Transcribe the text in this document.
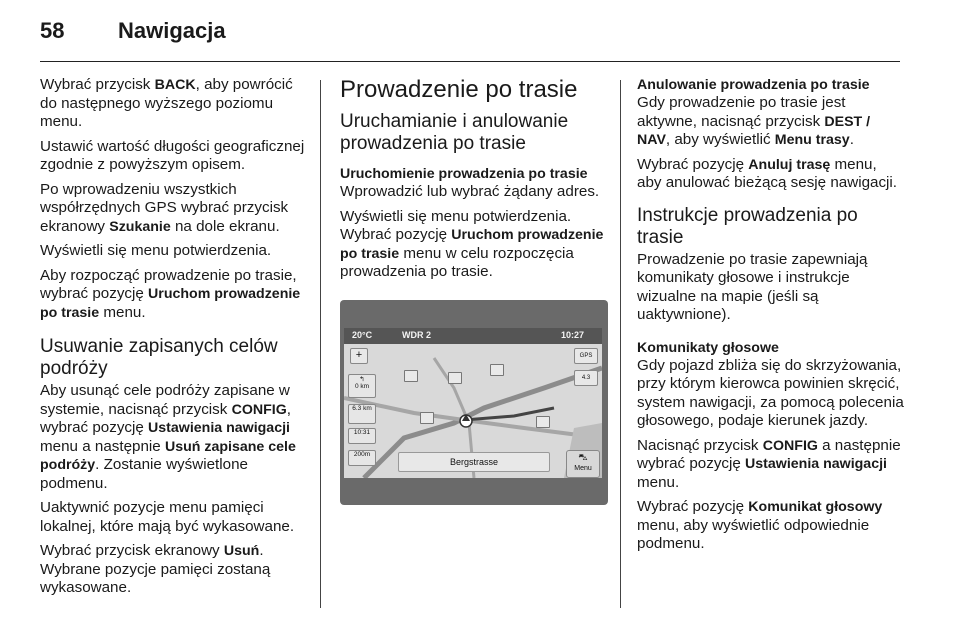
58 Nawigacja

Wybrać przycisk BACK, aby powrócić do następnego wyższego poziomu menu.

Ustawić wartość długości geograficznej zgodnie z powyższym opisem.

Po wprowadzeniu wszystkich współrzędnych GPS wybrać przycisk ekranowy Szukanie na dole ekranu.

Wyświetli się menu potwierdzenia.

Aby rozpocząć prowadzenie po trasie, wybrać pozycję Uruchom prowadzenie po trasie menu.

Usuwanie zapisanych celów podróży

Aby usunąć cele podróży zapisane w systemie, nacisnąć przycisk CONFIG, wybrać pozycję Ustawienia nawigacji menu a następnie Usuń zapisane cele podróży. Zostanie wyświetlone podmenu.

Uaktywnić pozycje menu pamięci lokalnej, które mają być wykasowane.

Wybrać przycisk ekranowy Usuń. Wybrane pozycje pamięci zostaną wykasowane.

Prowadzenie po trasie
Uruchamianie i anulowanie prowadzenia po trasie
Uruchomienie prowadzenia po trasie

Wprowadzić lub wybrać żądany adres.

Wyświetli się menu potwierdzenia. Wybrać pozycję Uruchom prowadzenie po trasie menu w celu rozpoczęcia prowadzenia po trasie.

20°C	WDR 2	10:27
+	GPS
4.3
↰
0 km
6.3 km
10:31
200m
Bergstrasse	⛍
Menu
Anulowanie prowadzenia po trasie

Gdy prowadzenie po trasie jest aktywne, nacisnąć przycisk DEST / NAV, aby wyświetlić Menu trasy.

Wybrać pozycję Anuluj trasę menu, aby anulować bieżącą sesję nawigacji.

Instrukcje prowadzenia po trasie

Prowadzenie po trasie zapewniają komunikaty głosowe i instrukcje wizualne na mapie (jeśli są uaktywnione).

Komunikaty głosowe

Gdy pojazd zbliża się do skrzyżowania, przy którym kierowca powinien skręcić, system nawigacji, za pomocą polecenia głosowego, podaje kierunek jazdy.

Nacisnąć przycisk CONFIG a następnie wybrać pozycję Ustawienia nawigacji menu.

Wybrać pozycję Komunikat głosowy menu, aby wyświetlić odpowiednie podmenu.
